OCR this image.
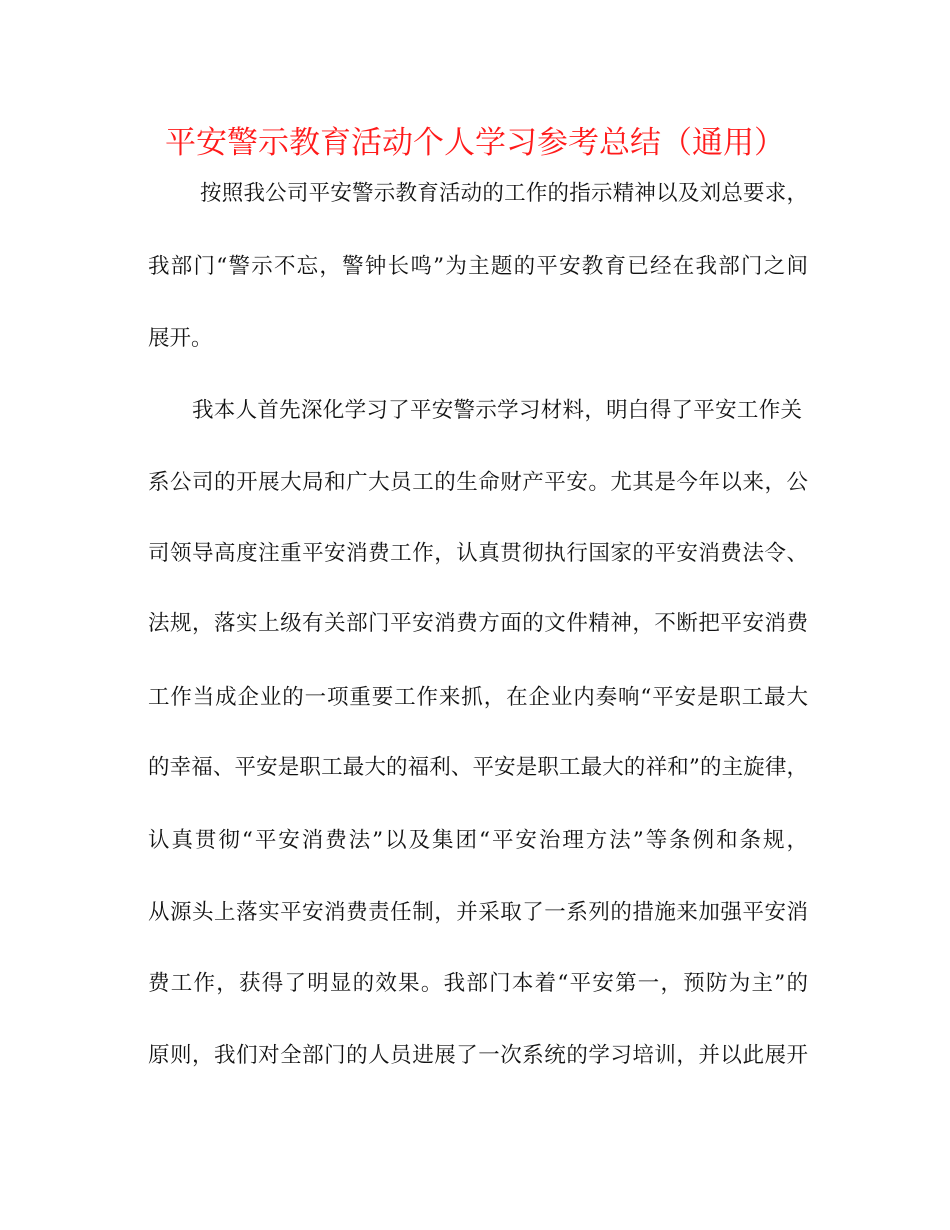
平安警示教育活动个人学习参考总结（通用）
按照我公司平安警示教育活动的工作的指示精神以及刘总要求，
我部门“警示不忘，警钟长鸣”为主题的平安教育已经在我部门之间
展开。
我本人首先深化学习了平安警示学习材料，明白得了平安工作关
系公司的开展大局和广大员工的生命财产平安。尤其是今年以来，公
司领导高度注重平安消费工作，认真贯彻执行国家的平安消费法令、
法规，落实上级有关部门平安消费方面的文件精神，不断把平安消费
工作当成企业的一项重要工作来抓，在企业内奏响“平安是职工最大
的幸福、平安是职工最大的福利、平安是职工最大的祥和”的主旋律，
认真贯彻“平安消费法”以及集团“平安治理方法”等条例和条规，
从源头上落实平安消费责任制，并采取了一系列的措施来加强平安消
费工作，获得了明显的效果。我部门本着“平安第一，预防为主”的
原则，我们对全部门的人员进展了一次系统的学习培训，并以此展开
